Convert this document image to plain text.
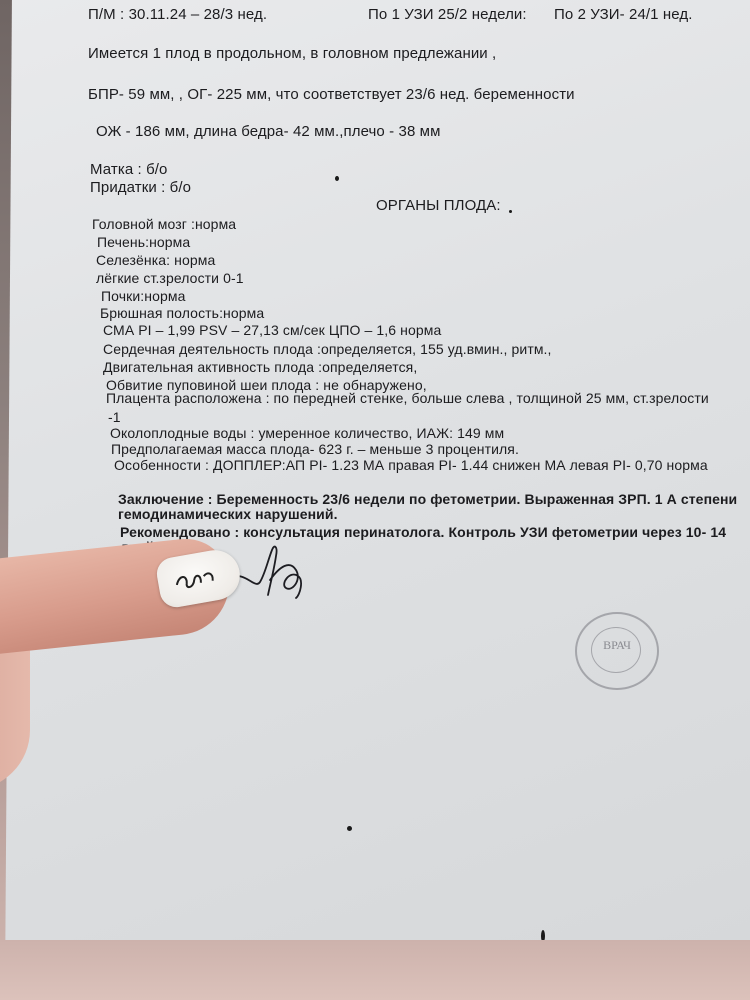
П/М : 30.11.24 – 28/3 нед.	По 1 УЗИ 25/2 недели: По 2 УЗИ- 24/1 нед.
Имеется 1 плод в продольном, в головном предлежании ,
БПР- 59 мм, , ОГ- 225 мм, что соответствует 23/6 нед. беременности
ОЖ - 186 мм, длина бедра- 42 мм.,плечо - 38 мм
Матка : б/о
Придатки : б/о
ОРГАНЫ ПЛОДА:
Головной мозг :норма
Печень:норма
Селезёнка: норма
лёгкие ст.зрелости 0-1
Почки:норма
Брюшная полость:норма
СМА PI – 1,99 PSV – 27,13 см/сек ЦПО – 1,6 норма
Сердечная деятельность плода :определяется, 155 уд.вмин., ритм.,
Двигательная активность плода :определяется,
Обвитие пуповиной шеи плода : не обнаружено,
Плацента расположена : по передней стенке, больше слева , толщиной 25 мм, ст.зрелости
-1
Околоплодные воды : умеренное количество, ИАЖ: 149 мм
Предполагаемая масса плода- 623 г. – меньше 3 процентиля.
Особенности : ДОППЛЕР:АП PI- 1.23 МА правая PI- 1.44 снижен МА левая PI- 0,70 норма
Заключение : Беременность 23/6 недели по фетометрии. Выраженная ЗРП. 1 А степени
гемодинамических нарушений.
Рекомендовано : консультация перинатолога. Контроль УЗИ фетометрии через 10- 14
ВРАЧ
